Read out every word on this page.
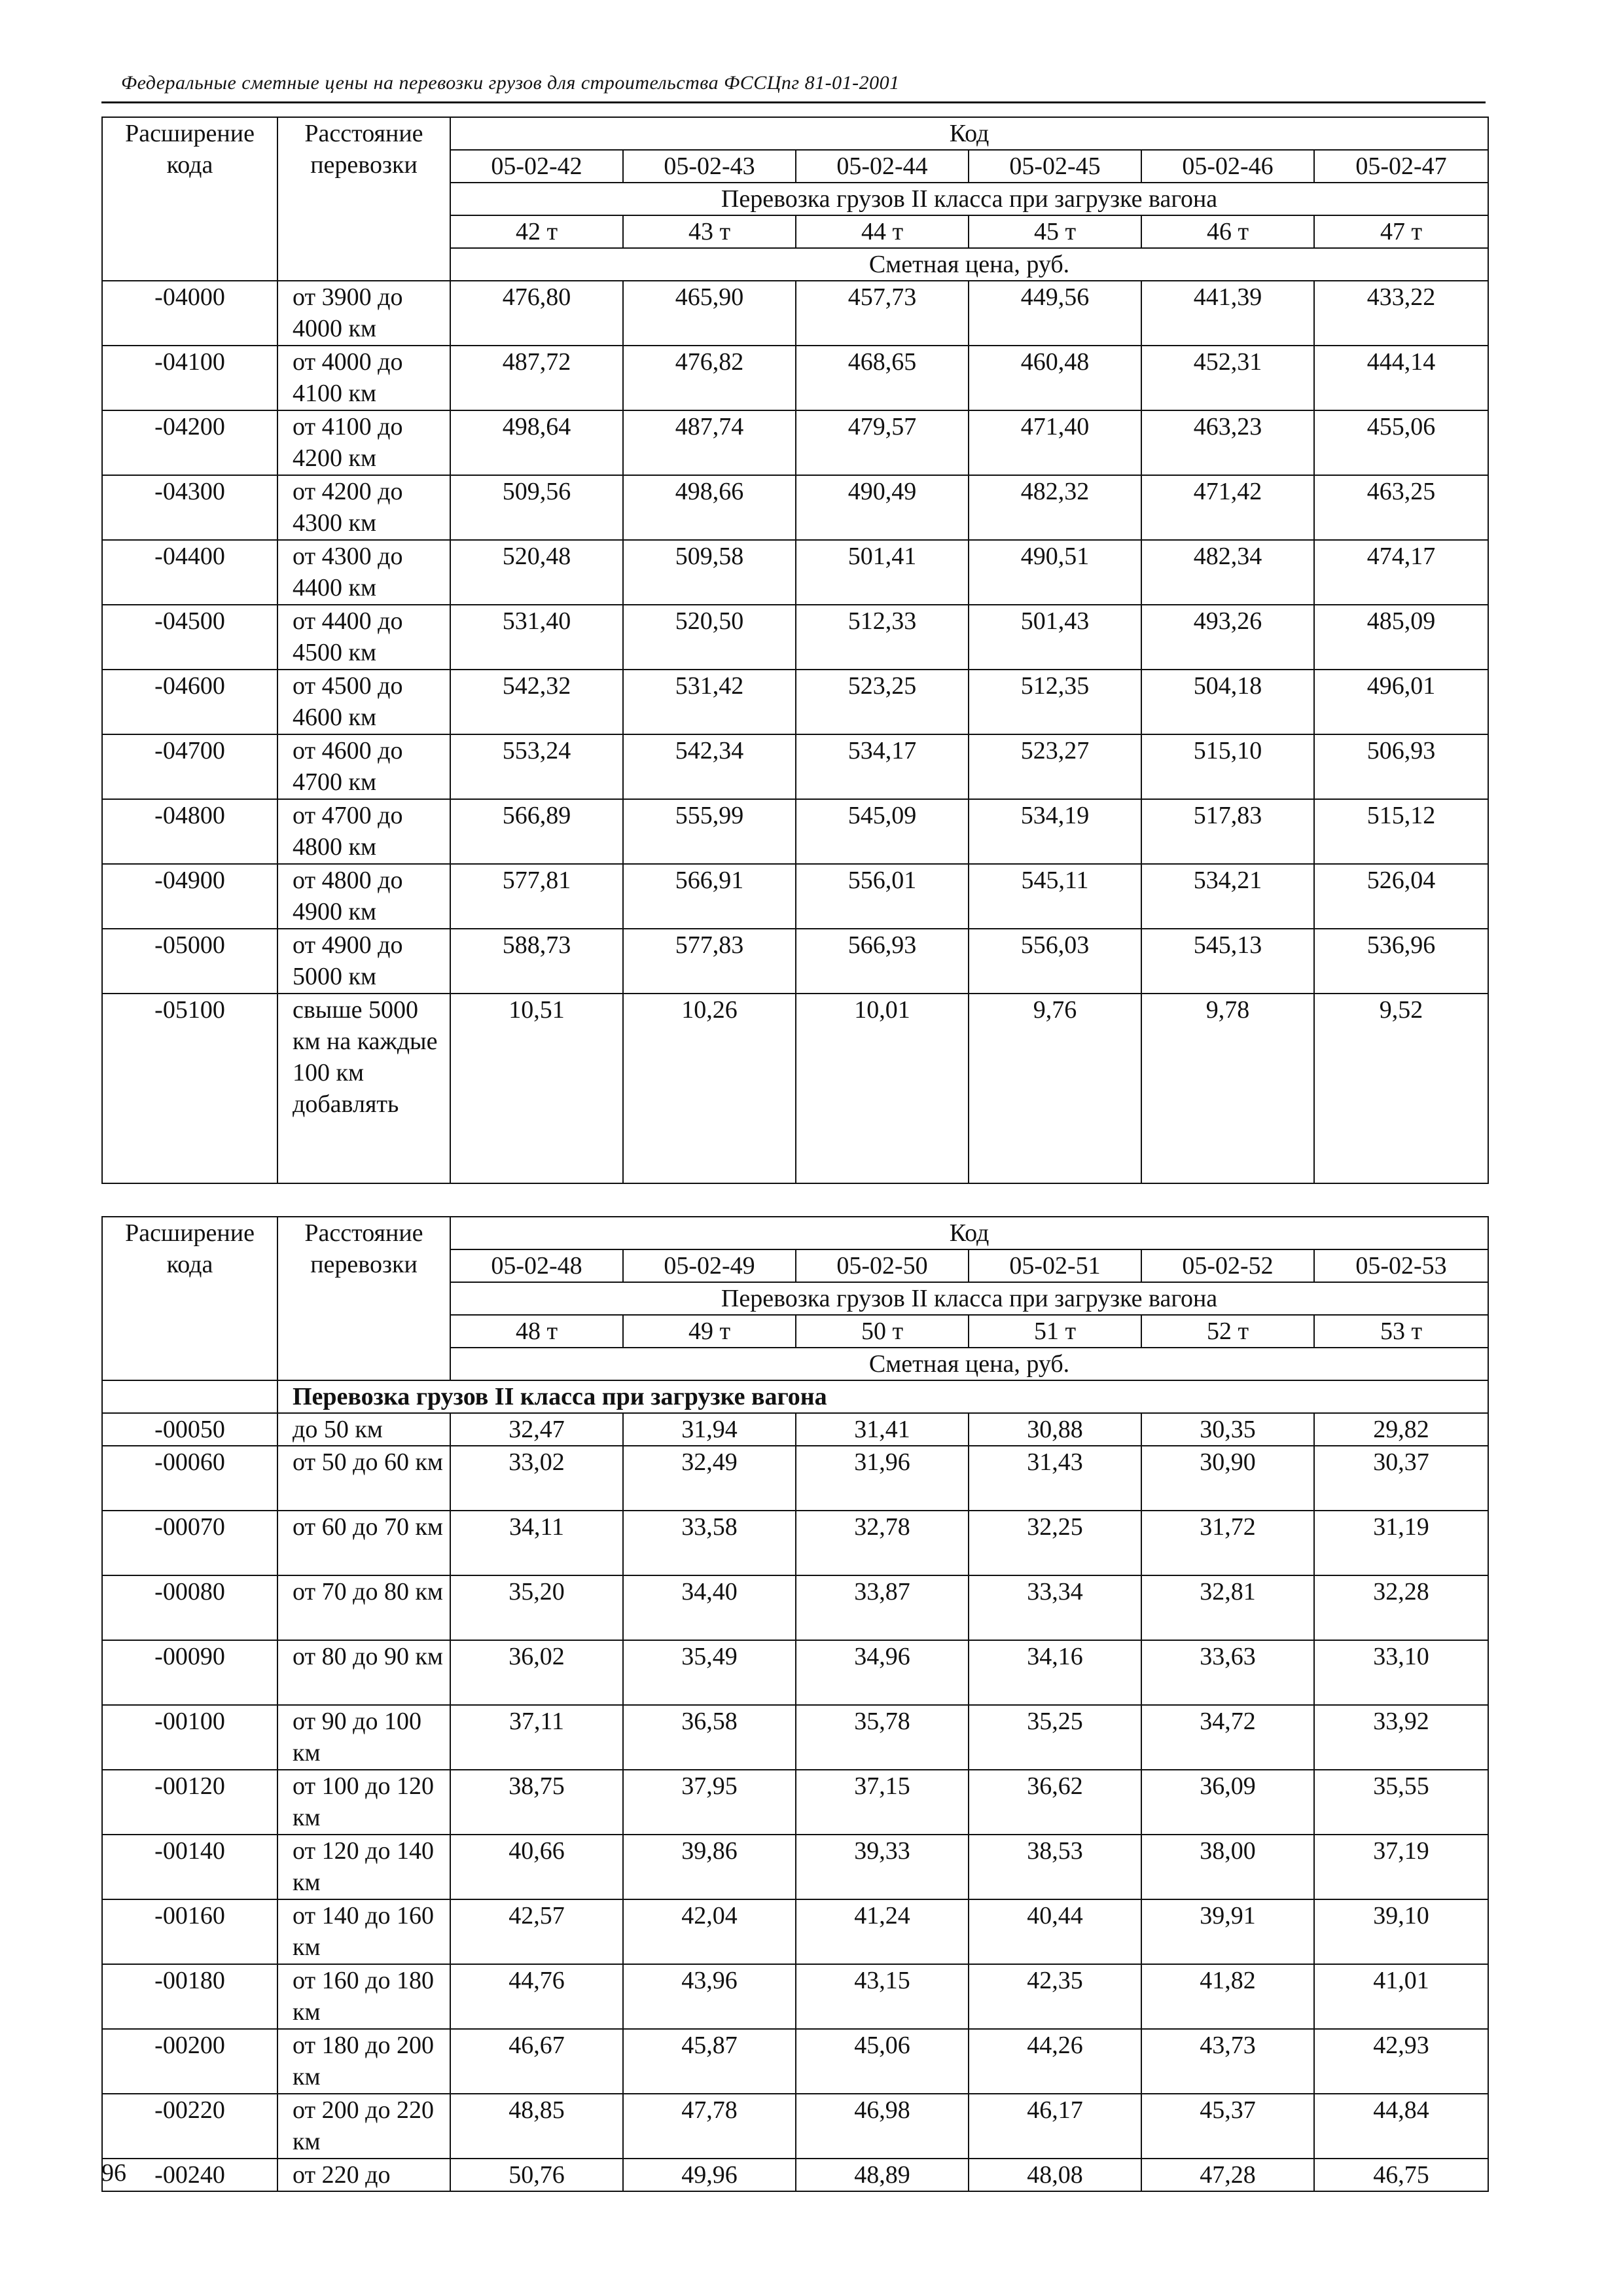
Федеральные сметные цены на перевозки грузов для строительства ФССЦпг 81-01-2001
Расширение кода	Расстояние перевозки	Код					
		05-02-42	05-02-43	05-02-44	05-02-45	05-02-46	05-02-47
		Перевозка грузов II класса при загрузке вагона					
		42 т	43 т	44 т	45 т	46 т	47 т
		Сметная цена, руб.					
-04000	от 3900 до 4000 км	476,80	465,90	457,73	449,56	441,39	433,22
-04100	от 4000 до 4100 км	487,72	476,82	468,65	460,48	452,31	444,14
-04200	от 4100 до 4200 км	498,64	487,74	479,57	471,40	463,23	455,06
-04300	от 4200 до 4300 км	509,56	498,66	490,49	482,32	471,42	463,25
-04400	от 4300 до 4400 км	520,48	509,58	501,41	490,51	482,34	474,17
-04500	от 4400 до 4500 км	531,40	520,50	512,33	501,43	493,26	485,09
-04600	от 4500 до 4600 км	542,32	531,42	523,25	512,35	504,18	496,01
-04700	от 4600 до 4700 км	553,24	542,34	534,17	523,27	515,10	506,93
-04800	от 4700 до 4800 км	566,89	555,99	545,09	534,19	517,83	515,12
-04900	от 4800 до 4900 км	577,81	566,91	556,01	545,11	534,21	526,04
-05000	от 4900 до 5000 км	588,73	577,83	566,93	556,03	545,13	536,96
-05100	свыше 5000 км на каждые 100 км добавлять	10,51	10,26	10,01	9,76	9,78	9,52
Расширение кода	Расстояние перевозки	Код					
		05-02-48	05-02-49	05-02-50	05-02-51	05-02-52	05-02-53
		Перевозка грузов II класса при загрузке вагона					
		48 т	49 т	50 т	51 т	52 т	53 т
		Сметная цена, руб.					
	Перевозка грузов II класса при загрузке вагона						
-00050	до 50 км	32,47	31,94	31,41	30,88	30,35	29,82
-00060	от 50 до 60 км	33,02	32,49	31,96	31,43	30,90	30,37
-00070	от 60 до 70 км	34,11	33,58	32,78	32,25	31,72	31,19
-00080	от 70 до 80 км	35,20	34,40	33,87	33,34	32,81	32,28
-00090	от 80 до 90 км	36,02	35,49	34,96	34,16	33,63	33,10
-00100	от 90 до 100 км	37,11	36,58	35,78	35,25	34,72	33,92
-00120	от 100 до 120 км	38,75	37,95	37,15	36,62	36,09	35,55
-00140	от 120 до 140 км	40,66	39,86	39,33	38,53	38,00	37,19
-00160	от 140 до 160 км	42,57	42,04	41,24	40,44	39,91	39,10
-00180	от 160 до 180 км	44,76	43,96	43,15	42,35	41,82	41,01
-00200	от 180 до 200 км	46,67	45,87	45,06	44,26	43,73	42,93
-00220	от 200 до 220 км	48,85	47,78	46,98	46,17	45,37	44,84
-00240	от 220 до	50,76	49,96	48,89	48,08	47,28	46,75
96
